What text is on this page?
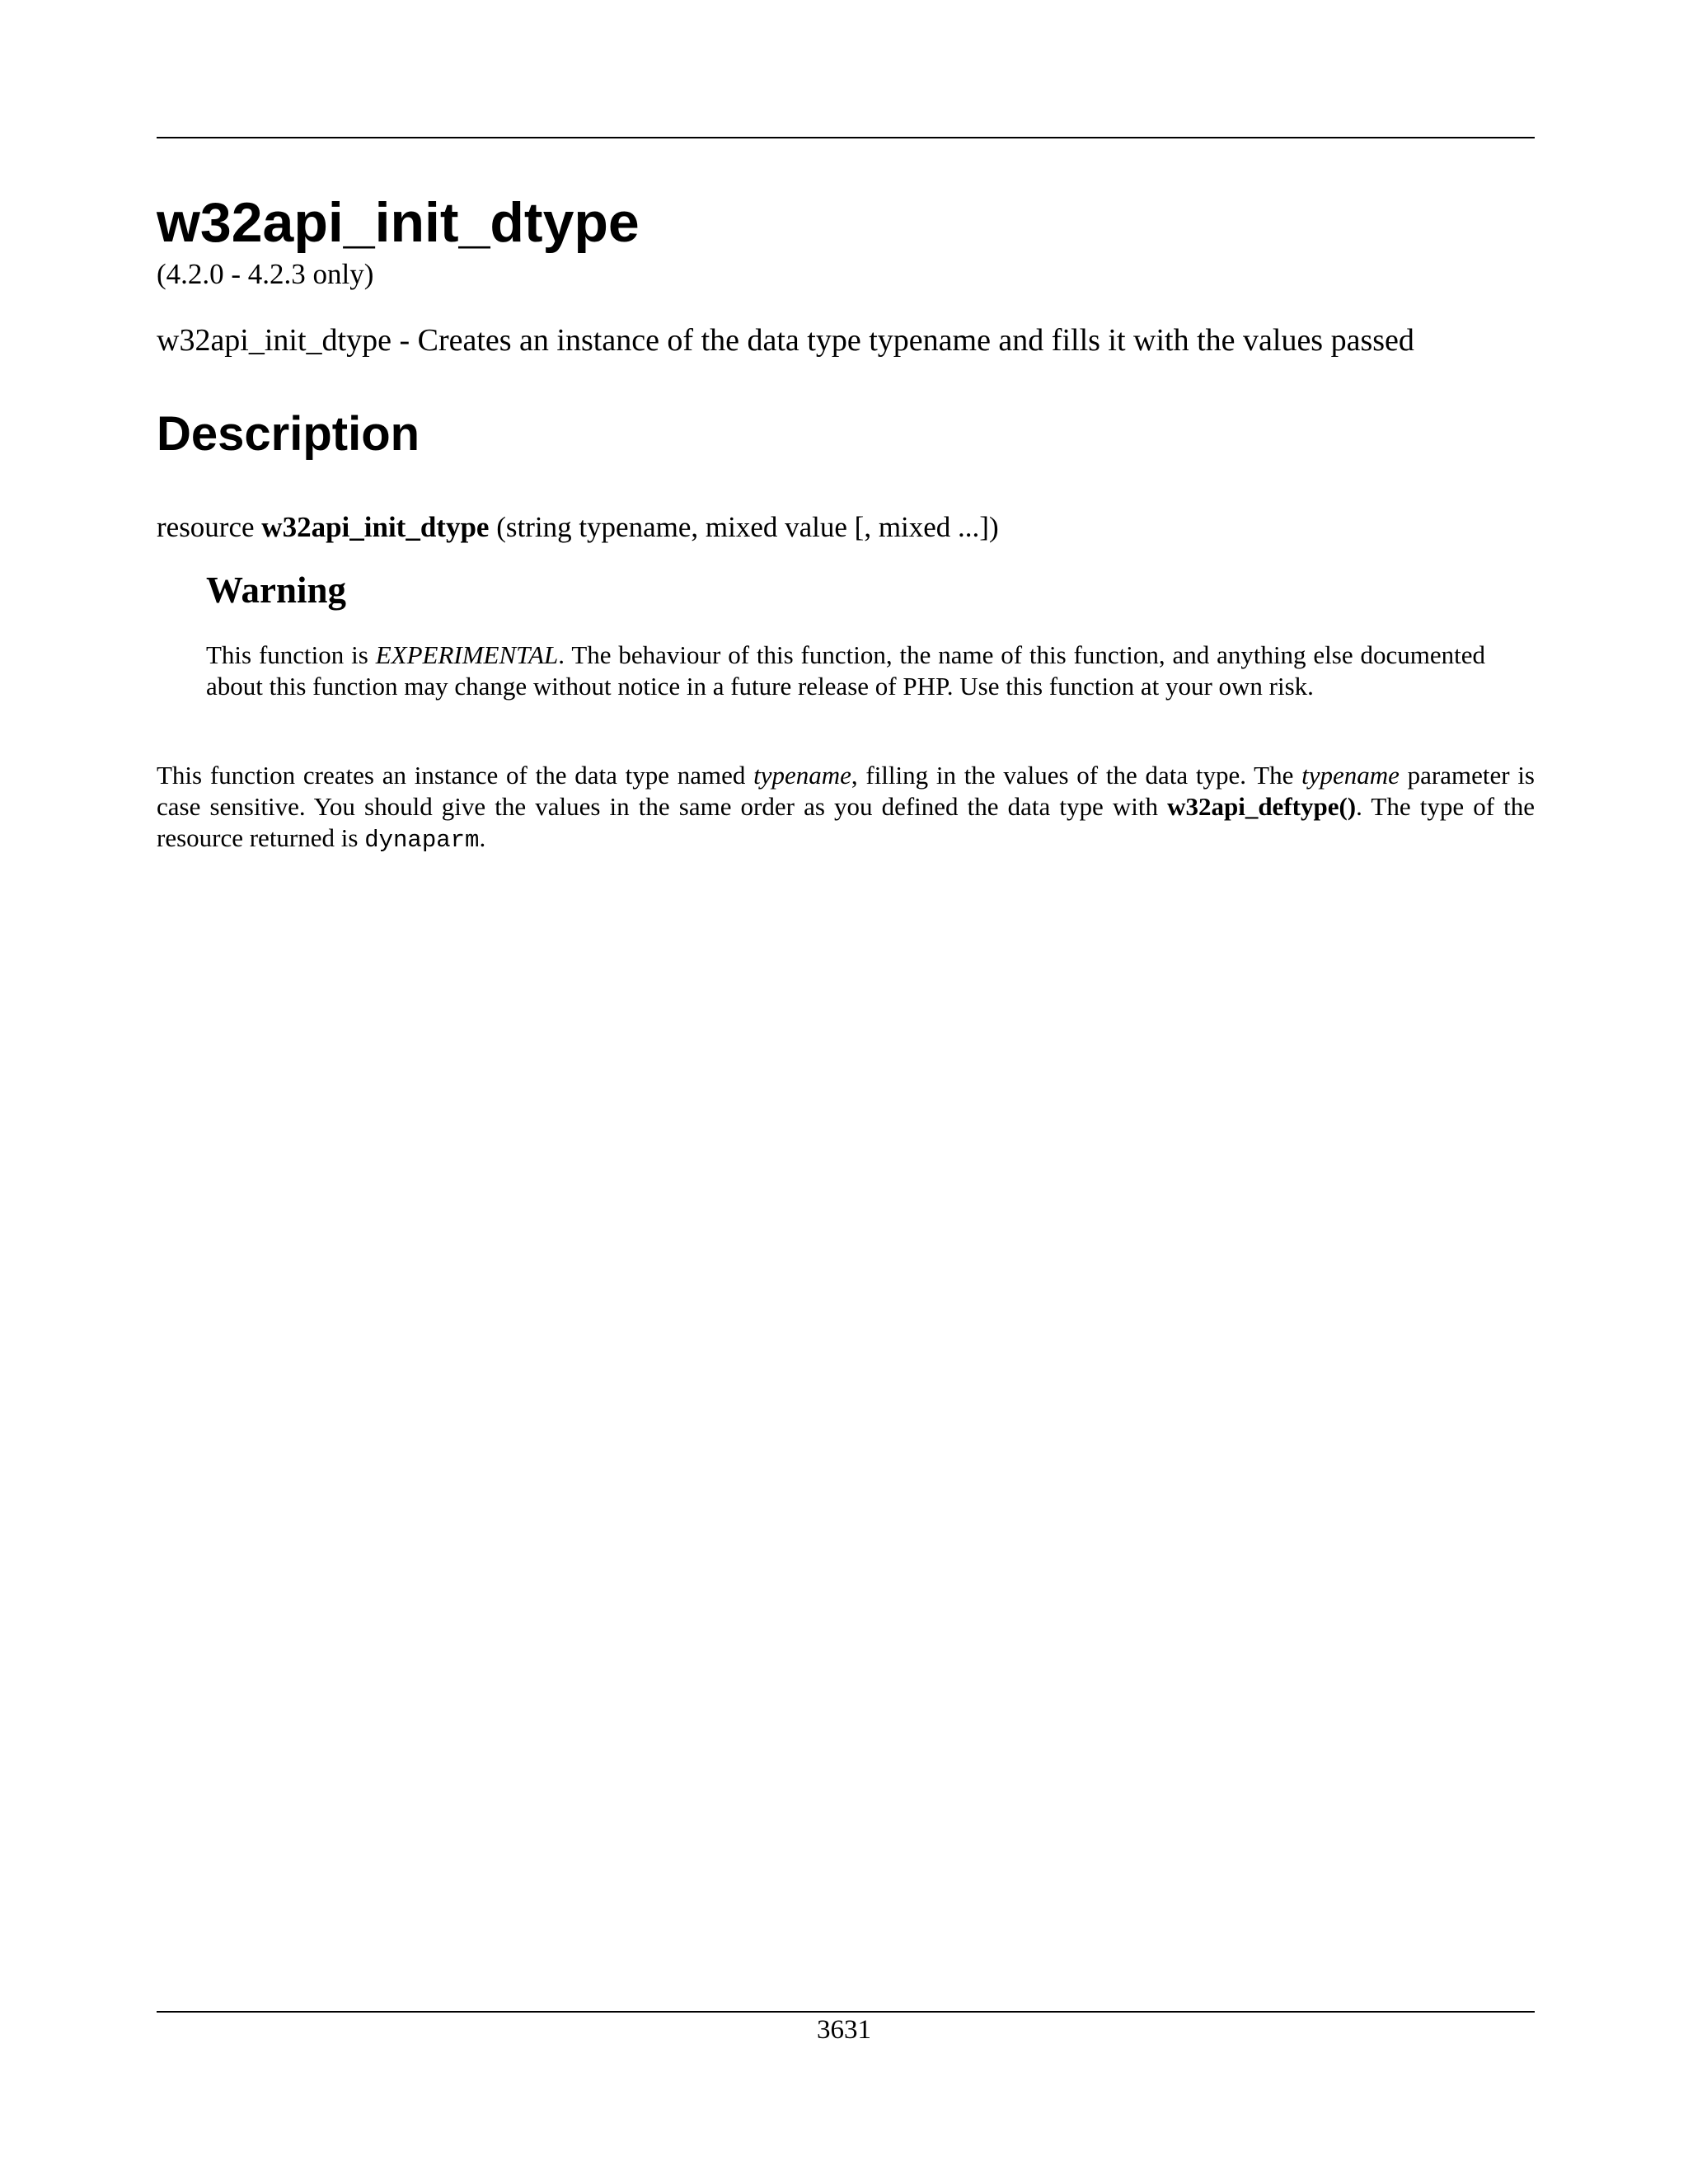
w32api_init_dtype
(4.2.0 - 4.2.3 only)
w32api_init_dtype - Creates an instance of the data type typename and fills it with the values passed
Description
resource w32api_init_dtype (string typename, mixed value [, mixed ...])
Warning

This function is EXPERIMENTAL. The behaviour of this function, the name of this function, and anything else documented about this function may change without notice in a future release of PHP. Use this function at your own risk.

This function creates an instance of the data type named typename, filling in the values of the data type. The typename parameter is case sensitive. You should give the values in the same order as you defined the data type with w32api_deftype(). The type of the resource returned is dynaparm.

3631
